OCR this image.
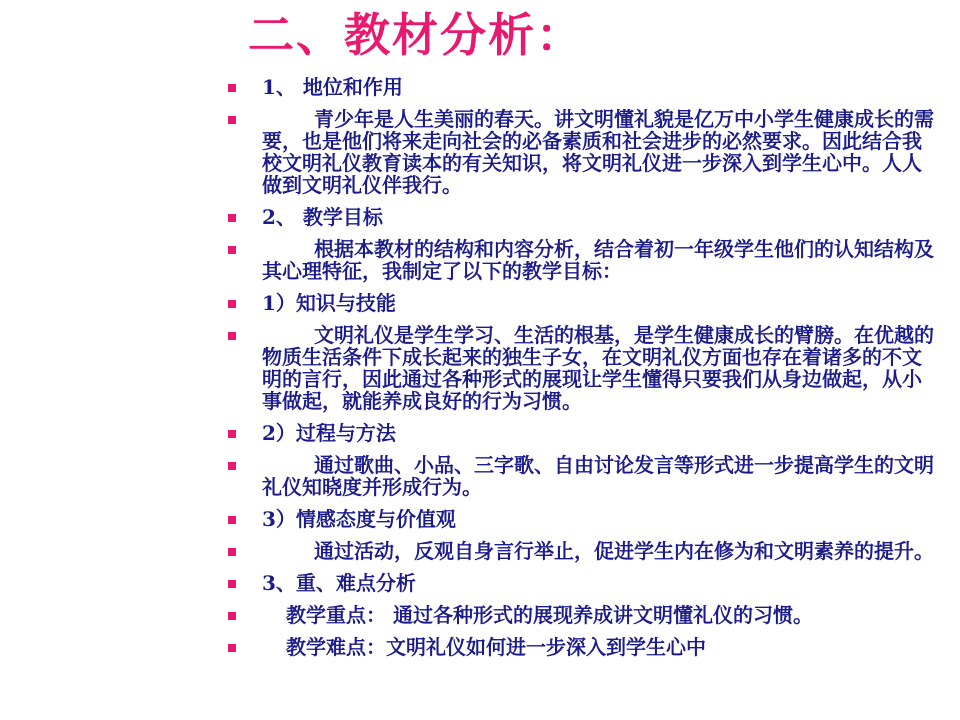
二、教材分析：
1、 地位和作用
青少年是人生美丽的春天。讲文明懂礼貌是亿万中小学生健康成长的需要，也是他们将来走向社会的必备素质和社会进步的必然要求。因此结合我校文明礼仪教育读本的有关知识，将文明礼仪进一步深入到学生心中。人人做到文明礼仪伴我行。
2、 教学目标
根据本教材的结构和内容分析，结合着初一年级学生他们的认知结构及其心理特征，我制定了以下的教学目标：
1）知识与技能
文明礼仪是学生学习、生活的根基，是学生健康成长的臂膀。在优越的物质生活条件下成长起来的独生子女，在文明礼仪方面也存在着诸多的不文明的言行，因此通过各种形式的展现让学生懂得只要我们从身边做起，从小事做起，就能养成良好的行为习惯。
2）过程与方法
通过歌曲、小品、三字歌、自由讨论发言等形式进一步提高学生的文明礼仪知晓度并形成行为。
3）情感态度与价值观
通过活动，反观自身言行举止，促进学生内在修为和文明素养的提升。
3、重、难点分析
教学重点： 通过各种形式的展现养成讲文明懂礼仪的习惯。
教学难点：文明礼仪如何进一步深入到学生心中
